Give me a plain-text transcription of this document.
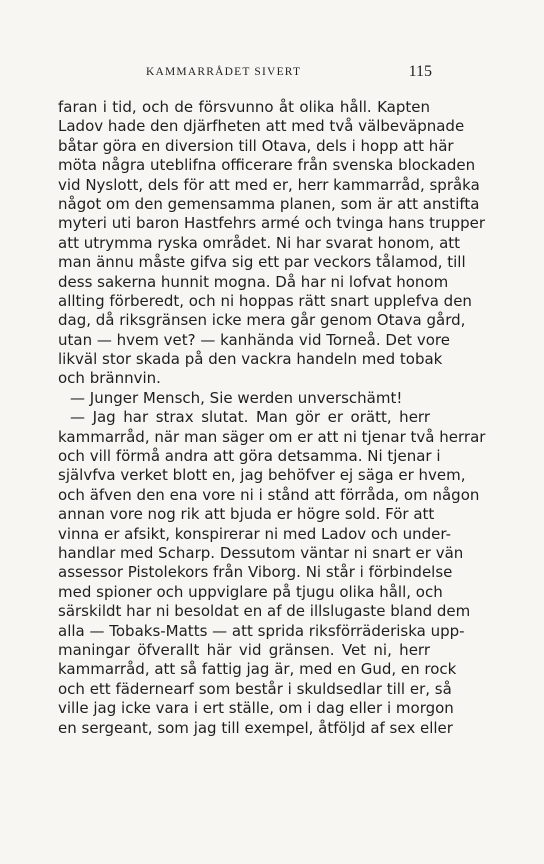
KAMMARRÅDET SIVERT	115
faran i tid, och de försvunno åt olika håll. Kapten
Ladov hade den djärfheten att med två välbeväpnade
båtar göra en diversion till Otava, dels i hopp att här
möta några uteblifna officerare från svenska blockaden
vid Nyslott, dels för att med er, herr kammarråd, språka
något om den gemensamma planen, som är att anstifta
myteri uti baron Hastfehrs armé och tvinga hans trupper
att utrymma ryska området. Ni har svarat honom, att
man ännu måste gifva sig ett par veckors tålamod, till
dess sakerna hunnit mogna. Då har ni lofvat honom
allting förberedt, och ni hoppas rätt snart upplefva den
dag, då riksgränsen icke mera går genom Otava gård,
utan — hvem vet? — kanhända vid Torneå. Det vore
likväl stor skada på den vackra handeln med tobak
och brännvin.
— Junger Mensch, Sie werden unverschämt!
— Jag har strax slutat. Man gör er orätt, herr
kammarråd, när man säger om er att ni tjenar två herrar
och vill förmå andra att göra detsamma. Ni tjenar i
självfva verket blott en, jag behöfver ej säga er hvem,
och äfven den ena vore ni i stånd att förråda, om någon
annan vore nog rik att bjuda er högre sold. För att
vinna er afsikt, konspirerar ni med Ladov och under-
handlar med Scharp. Dessutom väntar ni snart er vän
assessor Pistolekors från Viborg. Ni står i förbindelse
med spioner och uppviglare på tjugu olika håll, och
särskildt har ni besoldat en af de illslugaste bland dem
alla — Tobaks-Matts — att sprida riksförräderiska upp-
maningar öfverallt här vid gränsen. Vet ni, herr
kammarråd, att så fattig jag är, med en Gud, en rock
och ett fädernearf som består i skuldsedlar till er, så
ville jag icke vara i ert ställe, om i dag eller i morgon
en sergeant, som jag till exempel, åtföljd af sex eller
